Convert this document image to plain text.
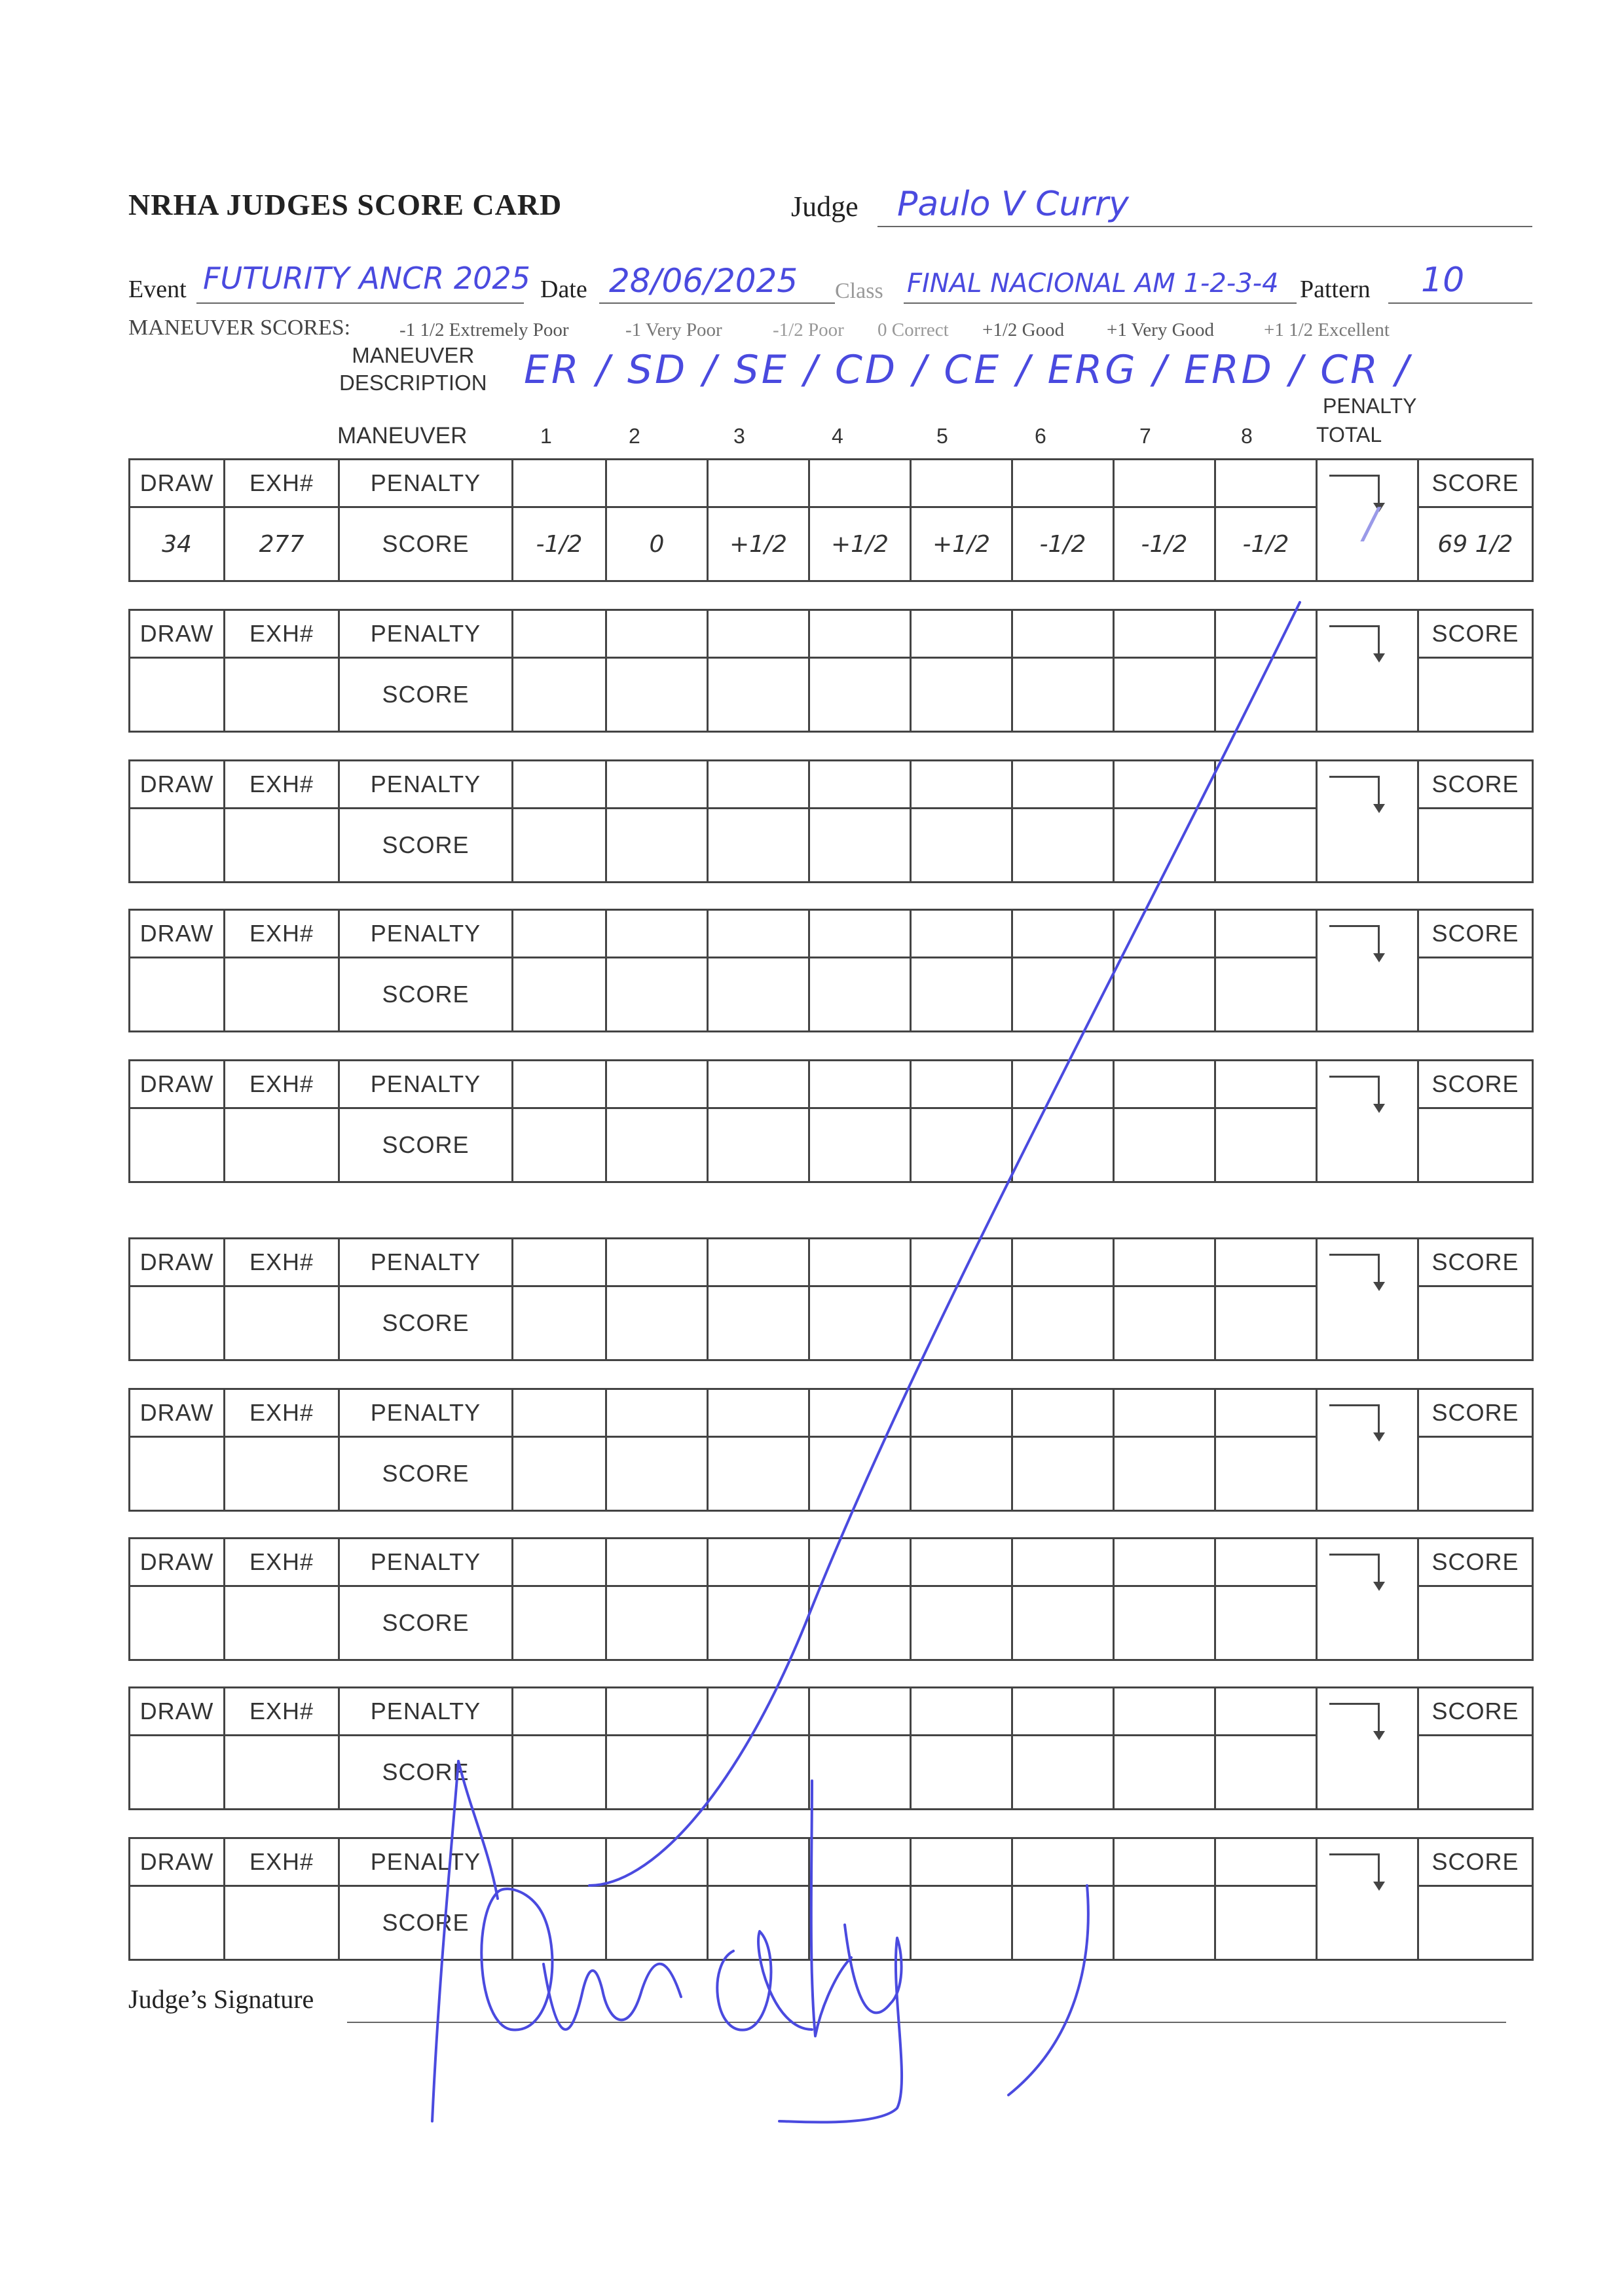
NRHA JUDGES SCORE CARD	Judge Paulo V Curry
Event FUTURITY ANCR 2025 Date 28/06/2025 Class FINAL NACIONAL AM 1-2-3-4 Pattern 10
MANEUVER SCORES:	-1 1/2 Extremely Poor	-1 Very Poor	-1/2 Poor 0 Correct +1/2 Good +1 Very Good	+1 1/2 Excellent
MANEUVER
DESCRIPTION ER / SD / SE / CD / CE / ERG / ERD / CR /
MANEUVER	1	2	3	4	5	6	7	8
PENALTY
TOTAL
DRAW	EXH#	PENALTY									/	SCORE
34	277	SCORE	-1/2	0	+1/2	+1/2	+1/2	-1/2	-1/2	-1/2		69 1/2
DRAW	EXH#	PENALTY										SCORE
		SCORE										
DRAW	EXH#	PENALTY										SCORE
		SCORE										
DRAW	EXH#	PENALTY										SCORE
		SCORE										
DRAW	EXH#	PENALTY										SCORE
		SCORE										
DRAW	EXH#	PENALTY										SCORE
		SCORE										
DRAW	EXH#	PENALTY										SCORE
		SCORE										
DRAW	EXH#	PENALTY										SCORE
		SCORE										
DRAW	EXH#	PENALTY										SCORE
		SCORE										
DRAW	EXH#	PENALTY										SCORE
		SCORE										
Judge’s Signature
